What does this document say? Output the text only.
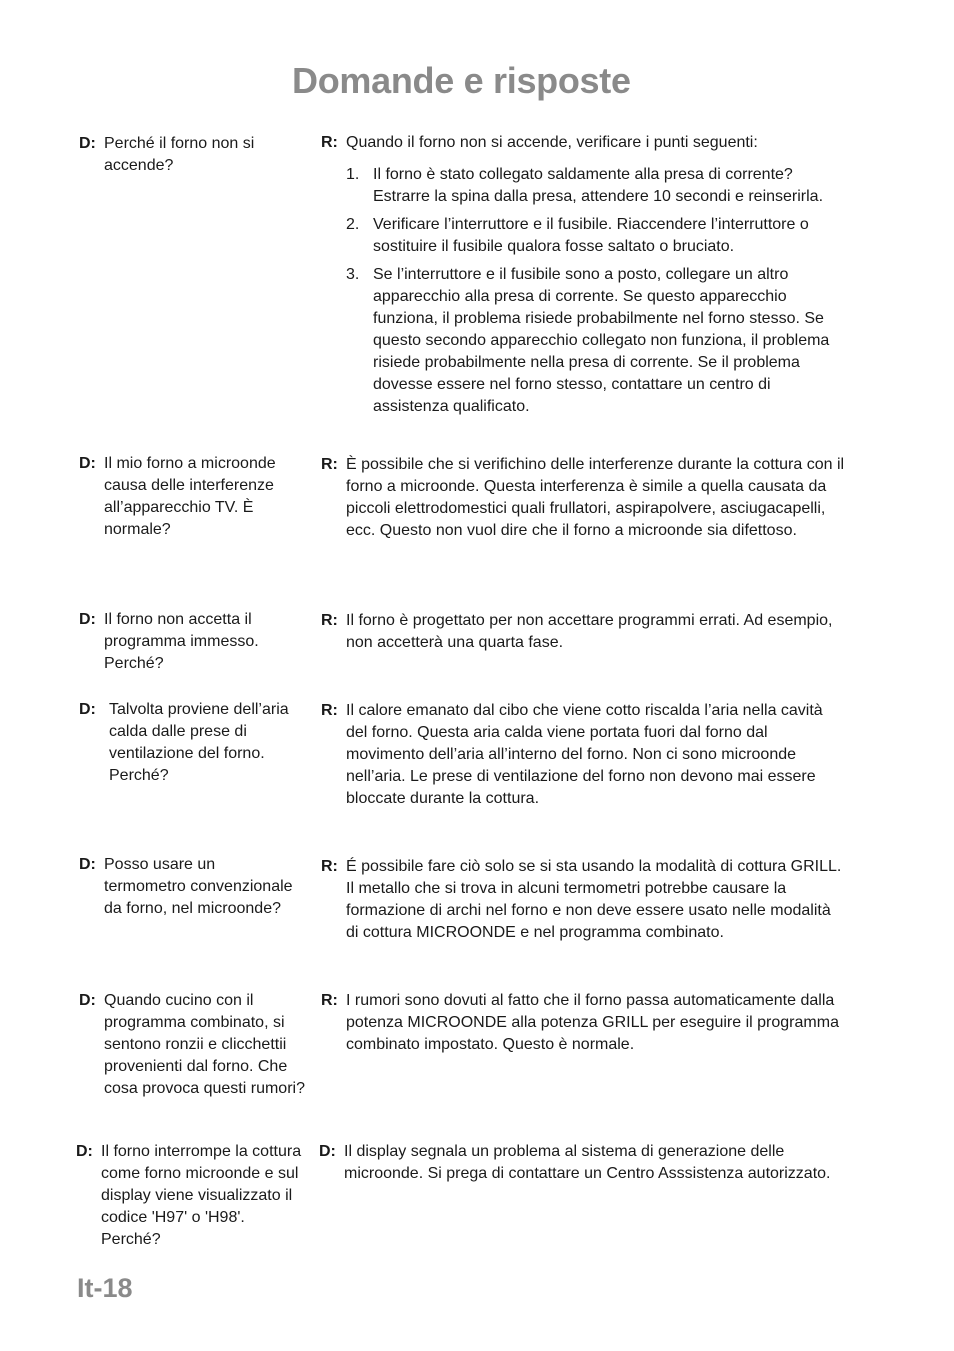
Domande e risposte
D: Perché il forno non si accende?
R: Quando il forno non si accende, verificare i punti seguenti:
1. Il forno è stato collegato saldamente alla presa di corrente? Estrarre la spina dalla presa, attendere 10 secondi e reinserirla.
2. Verificare l’interruttore e il fusibile. Riaccendere l’interruttore o sostituire il fusibile qualora fosse saltato o bruciato.
3. Se l’interruttore e il fusibile sono a posto, collegare un altro apparecchio alla presa di corrente. Se questo apparecchio funziona, il problema risiede probabilmente nel forno stesso. Se questo secondo apparecchio collegato non funziona, il problema risiede probabilmente nella presa di corrente. Se il problema dovesse essere nel forno stesso, contattare un centro di assistenza qualificato.
D: Il mio forno a microonde causa delle interferenze all’apparecchio TV. È normale?
R: È possibile che si verifichino delle interferenze durante la cottura con il forno a microonde. Questa interferenza è simile a quella causata da piccoli elettrodomestici quali frullatori, aspirapolvere, asciugacapelli, ecc. Questo non vuol dire che il forno a microonde sia difettoso.
D: Il forno non accetta il programma immesso. Perché?
R: Il forno è progettato per non accettare programmi errati. Ad esempio, non accetterà una quarta fase.
D: Talvolta proviene dell’aria calda dalle prese di ventilazione del forno. Perché?
R: Il calore emanato dal cibo che viene cotto riscalda l’aria nella cavità del forno. Questa aria calda viene portata fuori dal forno dal movimento dell’aria all’interno del forno. Non ci sono microonde nell’aria. Le prese di ventilazione del forno non devono mai essere bloccate durante la cottura.
D: Posso usare un termometro convenzionale da forno, nel microonde?
R: É possibile fare ciò solo se si sta usando la modalità di cottura GRILL. Il metallo che si trova in alcuni termometri potrebbe causare la formazione di archi nel forno e non deve essere usato nelle modalità di cottura MICROONDE e nel programma combinato.
D: Quando cucino con il programma combinato, si sentono ronzii e clicchettii provenienti dal forno. Che cosa provoca questi rumori?
R: I rumori sono dovuti al fatto che il forno passa automaticamente dalla potenza MICROONDE alla potenza GRILL per eseguire il programma combinato impostato. Questo è normale.
D: Il forno interrompe la cottura come forno microonde e sul display viene visualizzato il codice 'H97' o 'H98'. Perché?
D: Il display segnala un problema al sistema di generazione delle microonde. Si prega di contattare un Centro Asssistenza autorizzato.
It-18
